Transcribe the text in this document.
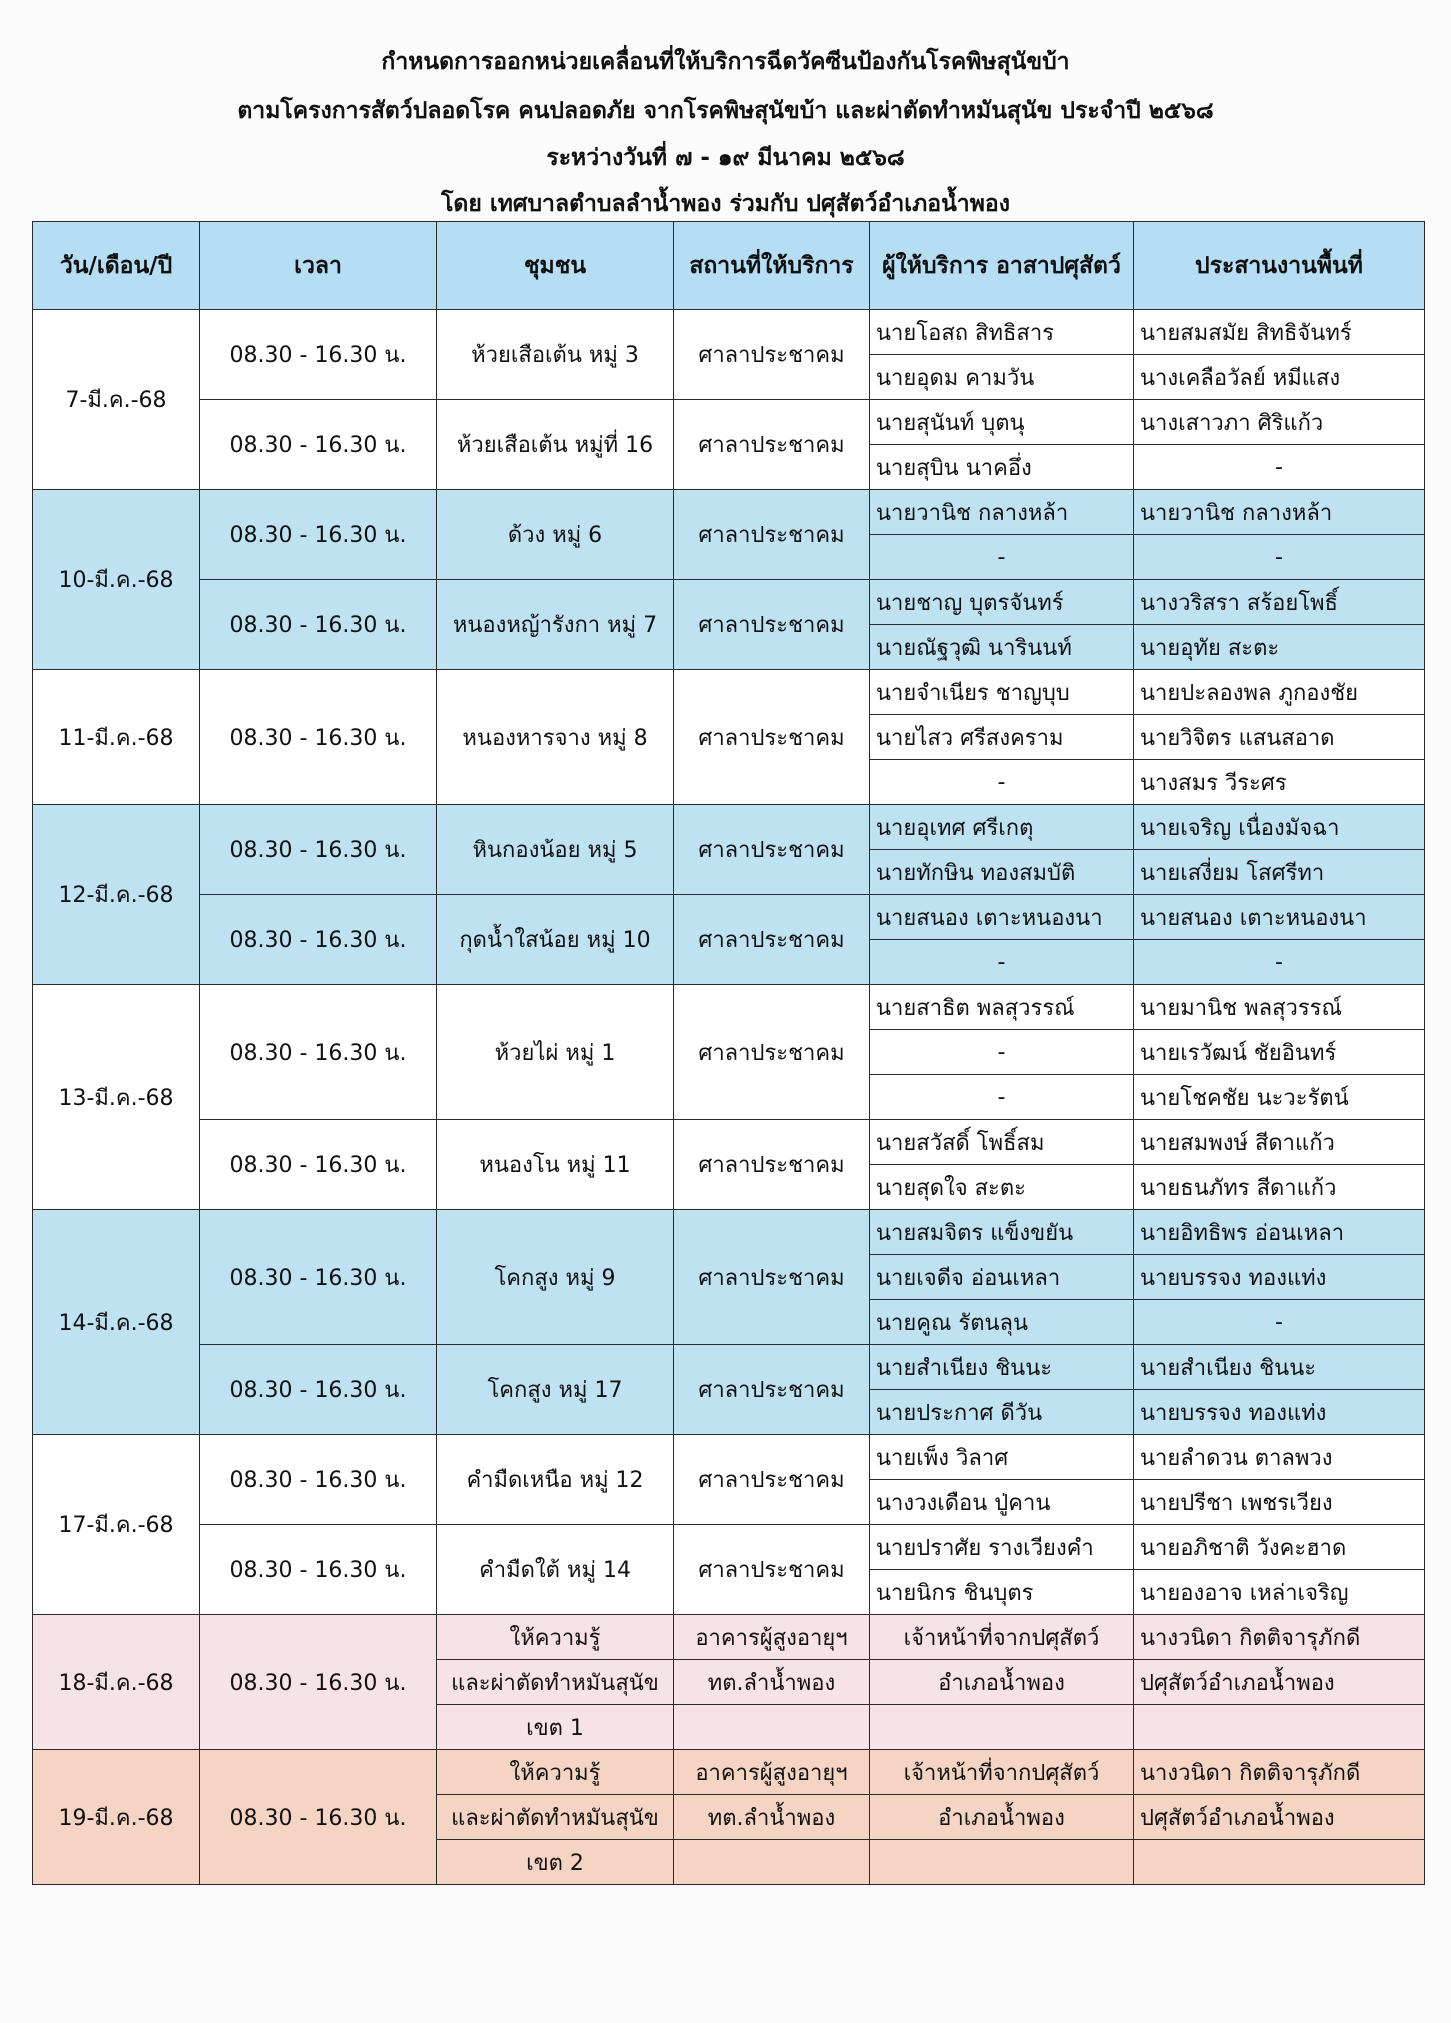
กำหนดการออกหน่วยเคลื่อนที่ให้บริการฉีดวัคซีนป้องกันโรคพิษสุนัขบ้า
ตามโครงการสัตว์ปลอดโรค คนปลอดภัย จากโรคพิษสุนัขบ้า และผ่าตัดทำหมันสุนัข ประจำปี ๒๕๖๘
ระหว่างวันที่ ๗ - ๑๙ มีนาคม ๒๕๖๘
โดย เทศบาลตำบลลำน้ำพอง ร่วมกับ ปศุสัตว์อำเภอน้ำพอง
วัน/เดือน/ปี	เวลา	ชุมชน	สถานที่ให้บริการ	ผู้ให้บริการ อาสาปศุสัตว์	ประสานงานพื้นที่
7-มี.ค.-68	08.30 - 16.30 น.	ห้วยเสือเต้น หมู่ 3	ศาลาประชาคม	นายโอสถ สิทธิสาร	นายสมสมัย สิทธิจันทร์
				นายอุดม คามวัน	นางเคลือวัลย์ หมีแสง
	08.30 - 16.30 น.	ห้วยเสือเต้น หมู่ที่ 16	ศาลาประชาคม	นายสุนันท์ บุตนุ	นางเสาวภา ศิริแก้ว
				นายสุบิน นาคอึ่ง	-
10-มี.ค.-68	08.30 - 16.30 น.	ด้วง หมู่ 6	ศาลาประชาคม	นายวานิช กลางหล้า	นายวานิช กลางหล้า
				-	-
	08.30 - 16.30 น.	หนองหญ้ารังกา หมู่ 7	ศาลาประชาคม	นายชาญ บุตรจันทร์	นางวริสรา สร้อยโพธิ์
				นายณัฐวุฒิ นารินนท์	นายอุทัย สะตะ
11-มี.ค.-68	08.30 - 16.30 น.	หนองหารจาง หมู่ 8	ศาลาประชาคม	นายจำเนียร ชาญบุบ	นายปะลองพล ภูกองชัย
				นายไสว ศรีสงคราม	นายวิจิตร แสนสอาด
				-	นางสมร วีระศร
12-มี.ค.-68	08.30 - 16.30 น.	หินกองน้อย หมู่ 5	ศาลาประชาคม	นายอุเทศ ศรีเกตุ	นายเจริญ เนื่องมัจฉา
				นายทักษิน ทองสมบัติ	นายเสงี่ยม โสศรีทา
	08.30 - 16.30 น.	กุดน้ำใสน้อย หมู่ 10	ศาลาประชาคม	นายสนอง เตาะหนองนา	นายสนอง เตาะหนองนา
				-	-
13-มี.ค.-68	08.30 - 16.30 น.	ห้วยไผ่ หมู่ 1	ศาลาประชาคม	นายสาธิต พลสุวรรณ์	นายมานิช พลสุวรรณ์
				-	นายเรวัฒน์ ชัยอินทร์
				-	นายโชคชัย นะวะรัตน์
	08.30 - 16.30 น.	หนองโน หมู่ 11	ศาลาประชาคม	นายสวัสดิ์ โพธิ์สม	นายสมพงษ์ สีดาแก้ว
				นายสุดใจ สะตะ	นายธนภัทร สีดาแก้ว
14-มี.ค.-68	08.30 - 16.30 น.	โคกสูง หมู่ 9	ศาลาประชาคม	นายสมจิตร แข็งขยัน	นายอิทธิพร อ่อนเหลา
				นายเจดีจ อ่อนเหลา	นายบรรจง ทองแท่ง
				นายคูณ รัตนลุน	-
	08.30 - 16.30 น.	โคกสูง หมู่ 17	ศาลาประชาคม	นายสำเนียง ชินนะ	นายสำเนียง ชินนะ
				นายประกาศ ดีวัน	นายบรรจง ทองแท่ง
17-มี.ค.-68	08.30 - 16.30 น.	คำมืดเหนือ หมู่ 12	ศาลาประชาคม	นายเพ็ง วิลาศ	นายลำดวน ตาลพวง
				นางวงเดือน ปู่คาน	นายปรีชา เพชรเวียง
	08.30 - 16.30 น.	คำมืดใต้ หมู่ 14	ศาลาประชาคม	นายปราศัย รางเวียงคำ	นายอภิชาติ วังคะฮาด
				นายนิกร ชินบุตร	นายองอาจ เหล่าเจริญ
18-มี.ค.-68	08.30 - 16.30 น.	ให้ความรู้	อาคารผู้สูงอายุฯ	เจ้าหน้าที่จากปศุสัตว์	นางวนิดา กิตติจารุภักดี
		และผ่าตัดทำหมันสุนัข	ทต.ลำน้ำพอง	อำเภอน้ำพอง	ปศุสัตว์อำเภอน้ำพอง
		เขต 1			
19-มี.ค.-68	08.30 - 16.30 น.	ให้ความรู้	อาคารผู้สูงอายุฯ	เจ้าหน้าที่จากปศุสัตว์	นางวนิดา กิตติจารุภักดี
		และผ่าตัดทำหมันสุนัข	ทต.ลำน้ำพอง	อำเภอน้ำพอง	ปศุสัตว์อำเภอน้ำพอง
		เขต 2			
